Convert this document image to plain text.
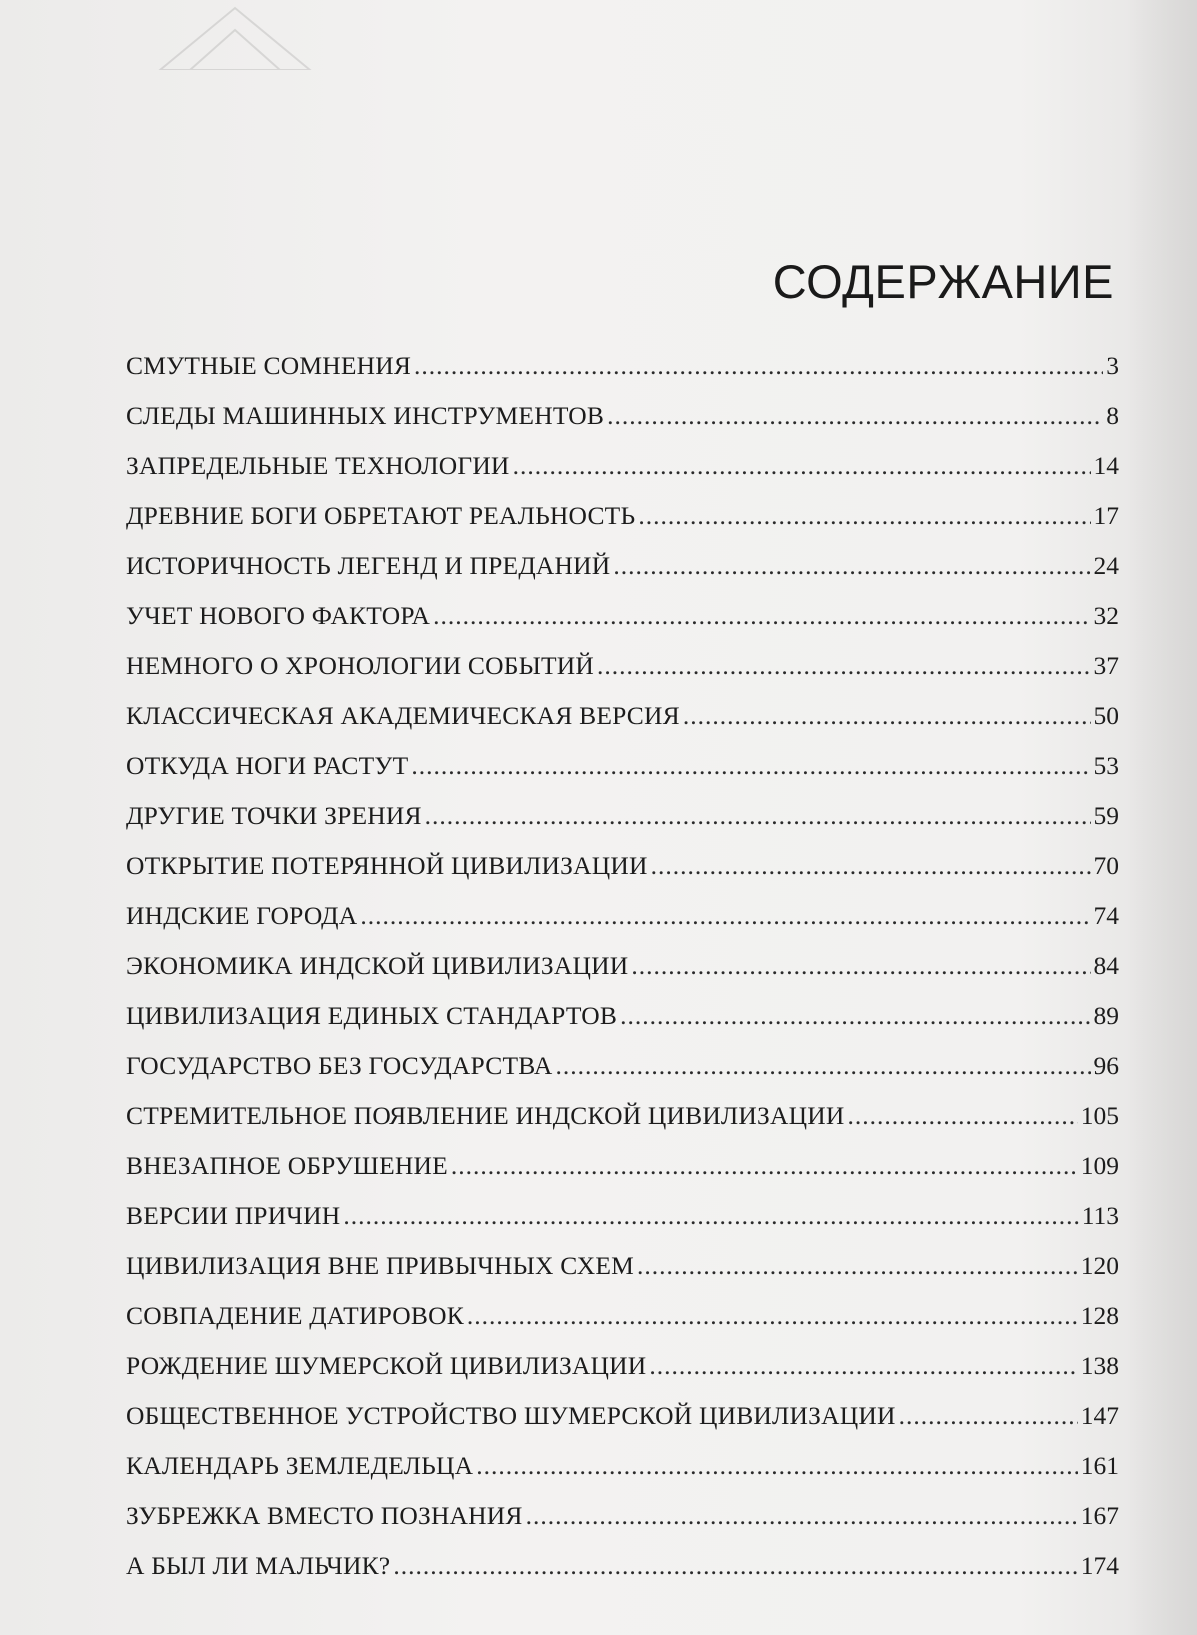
СОДЕРЖАНИЕ
СМУТНЫЕ СОМНЕНИЯ .....	3
СЛЕДЫ МАШИННЫХ ИНСТРУМЕНТОВ .....	8
ЗАПРЕДЕЛЬНЫЕ ТЕХНОЛОГИИ .....	14
ДРЕВНИЕ БОГИ ОБРЕТАЮТ РЕАЛЬНОСТЬ .....	17
ИСТОРИЧНОСТЬ ЛЕГЕНД И ПРЕДАНИЙ .....	24
УЧЕТ НОВОГО ФАКТОРА .....	32
НЕМНОГО О ХРОНОЛОГИИ СОБЫТИЙ .....	37
КЛАССИЧЕСКАЯ АКАДЕМИЧЕСКАЯ ВЕРСИЯ .....	50
ОТКУДА НОГИ РАСТУТ .....	53
ДРУГИЕ ТОЧКИ ЗРЕНИЯ .....	59
ОТКРЫТИЕ ПОТЕРЯННОЙ ЦИВИЛИЗАЦИИ .....	70
ИНДСКИЕ ГОРОДА .....	74
ЭКОНОМИКА ИНДСКОЙ ЦИВИЛИЗАЦИИ .....	84
ЦИВИЛИЗАЦИЯ ЕДИНЫХ СТАНДАРТОВ .....	89
ГОСУДАРСТВО БЕЗ ГОСУДАРСТВА .....	96
СТРЕМИТЕЛЬНОЕ ПОЯВЛЕНИЕ ИНДСКОЙ ЦИВИЛИЗАЦИИ .....	105
ВНЕЗАПНОЕ ОБРУШЕНИЕ .....	109
ВЕРСИИ ПРИЧИН .....	113
ЦИВИЛИЗАЦИЯ ВНЕ ПРИВЫЧНЫХ СХЕМ .....	120
СОВПАДЕНИЕ ДАТИРОВОК .....	128
РОЖДЕНИЕ ШУМЕРСКОЙ ЦИВИЛИЗАЦИИ .....	138
ОБЩЕСТВЕННОЕ УСТРОЙСТВО ШУМЕРСКОЙ ЦИВИЛИЗАЦИИ .....	147
КАЛЕНДАРЬ ЗЕМЛЕДЕЛЬЦА .....	161
ЗУБРЕЖКА ВМЕСТО ПОЗНАНИЯ .....	167
А БЫЛ ЛИ МАЛЬЧИК? .....	174
